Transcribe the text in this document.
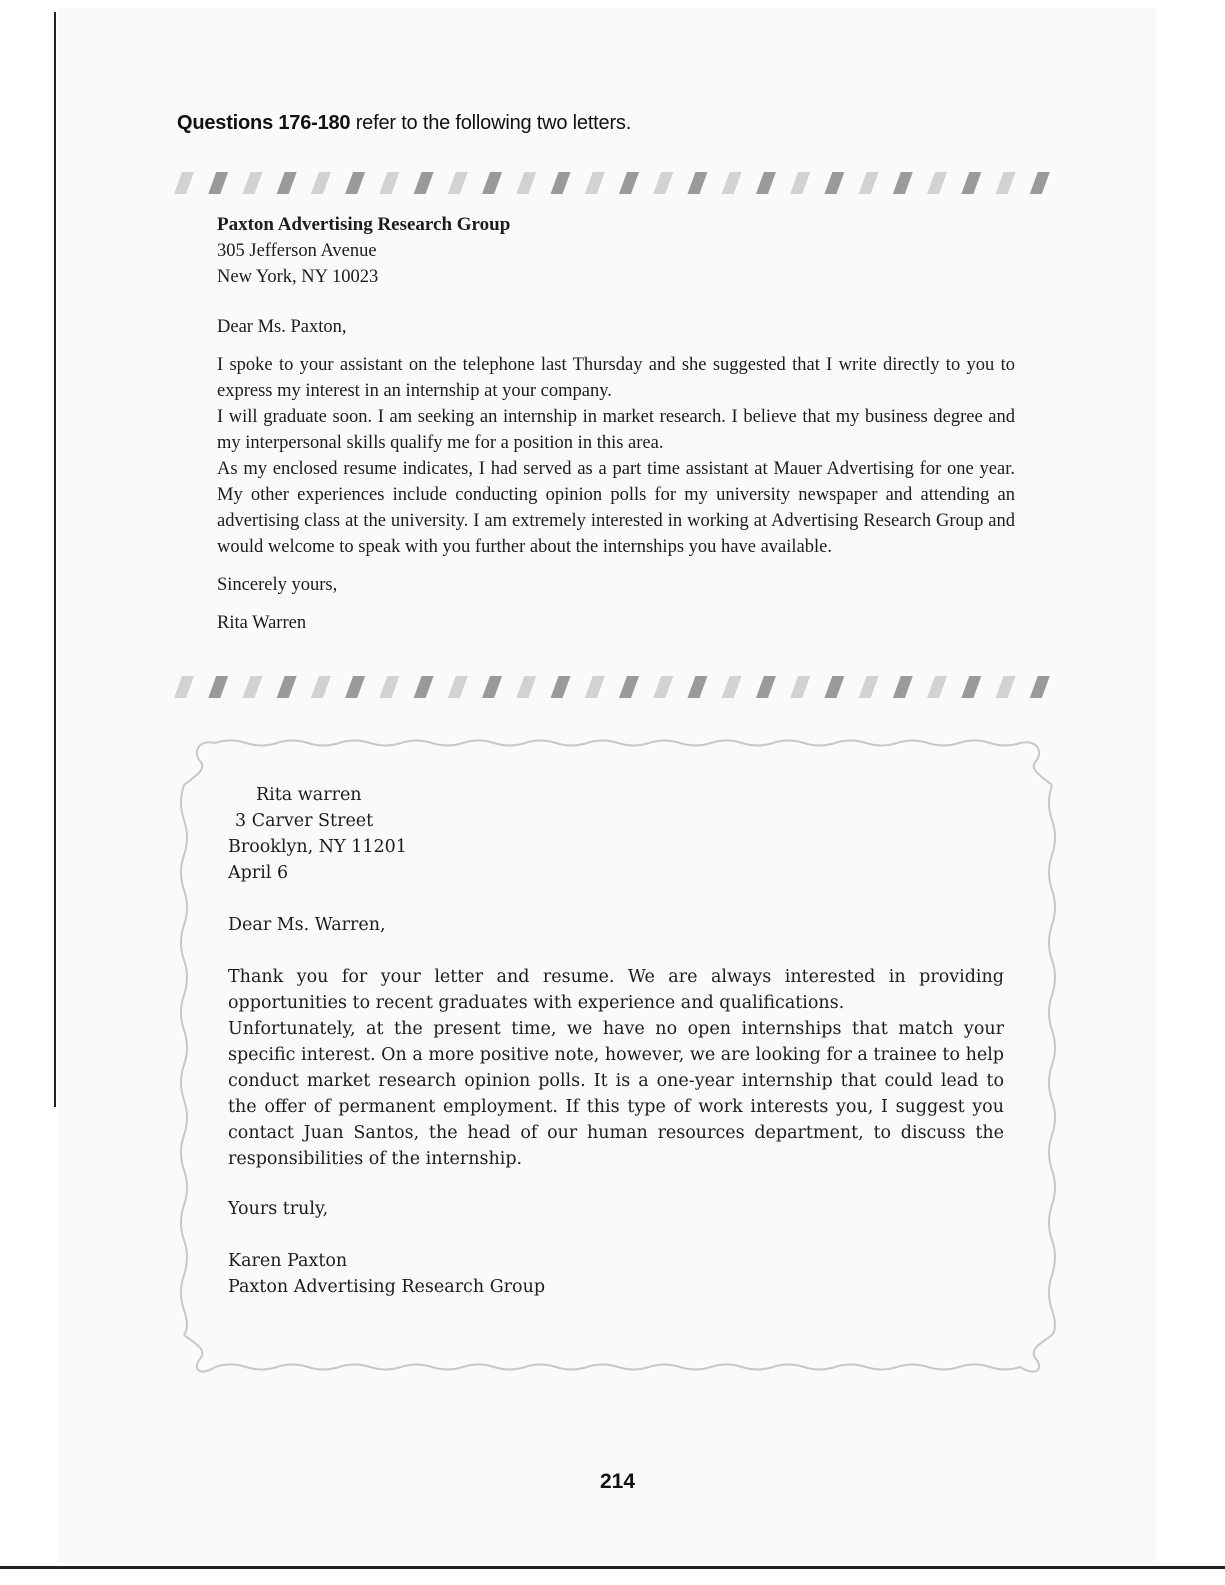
Questions 176-180 refer to the following two letters.
Paxton Advertising Research Group
305 Jefferson Avenue
New York, NY 10023
Dear Ms. Paxton,

I spoke to your assistant on the telephone last Thursday and she suggested that I write directly to you to express my interest in an internship at your company.

I will graduate soon. I am seeking an internship in market research. I believe that my business degree and my interpersonal skills qualify me for a position in this area.

As my enclosed resume indicates, I had served as a part time assistant at Mauer Advertising for one year. My other experiences include conducting opinion polls for my university newspaper and attending an advertising class at the university. I am extremely interested in working at Advertising Research Group and would welcome to speak with you further about the internships you have available.

Sincerely yours,
Rita Warren
Rita warren
3 Carver Street
Brooklyn, NY 11201
April 6
Dear Ms. Warren,

Thank you for your letter and resume. We are always interested in providing opportunities to recent graduates with experience and qualifications.

Unfortunately, at the present time, we have no open internships that match your specific interest. On a more positive note, however, we are looking for a trainee to help conduct market research opinion polls. It is a one-year internship that could lead to the offer of permanent employment. If this type of work interests you, I suggest you contact Juan Santos, the head of our human resources department, to discuss the responsibilities of the internship.

Yours truly,
Karen Paxton
Paxton Advertising Research Group
214
